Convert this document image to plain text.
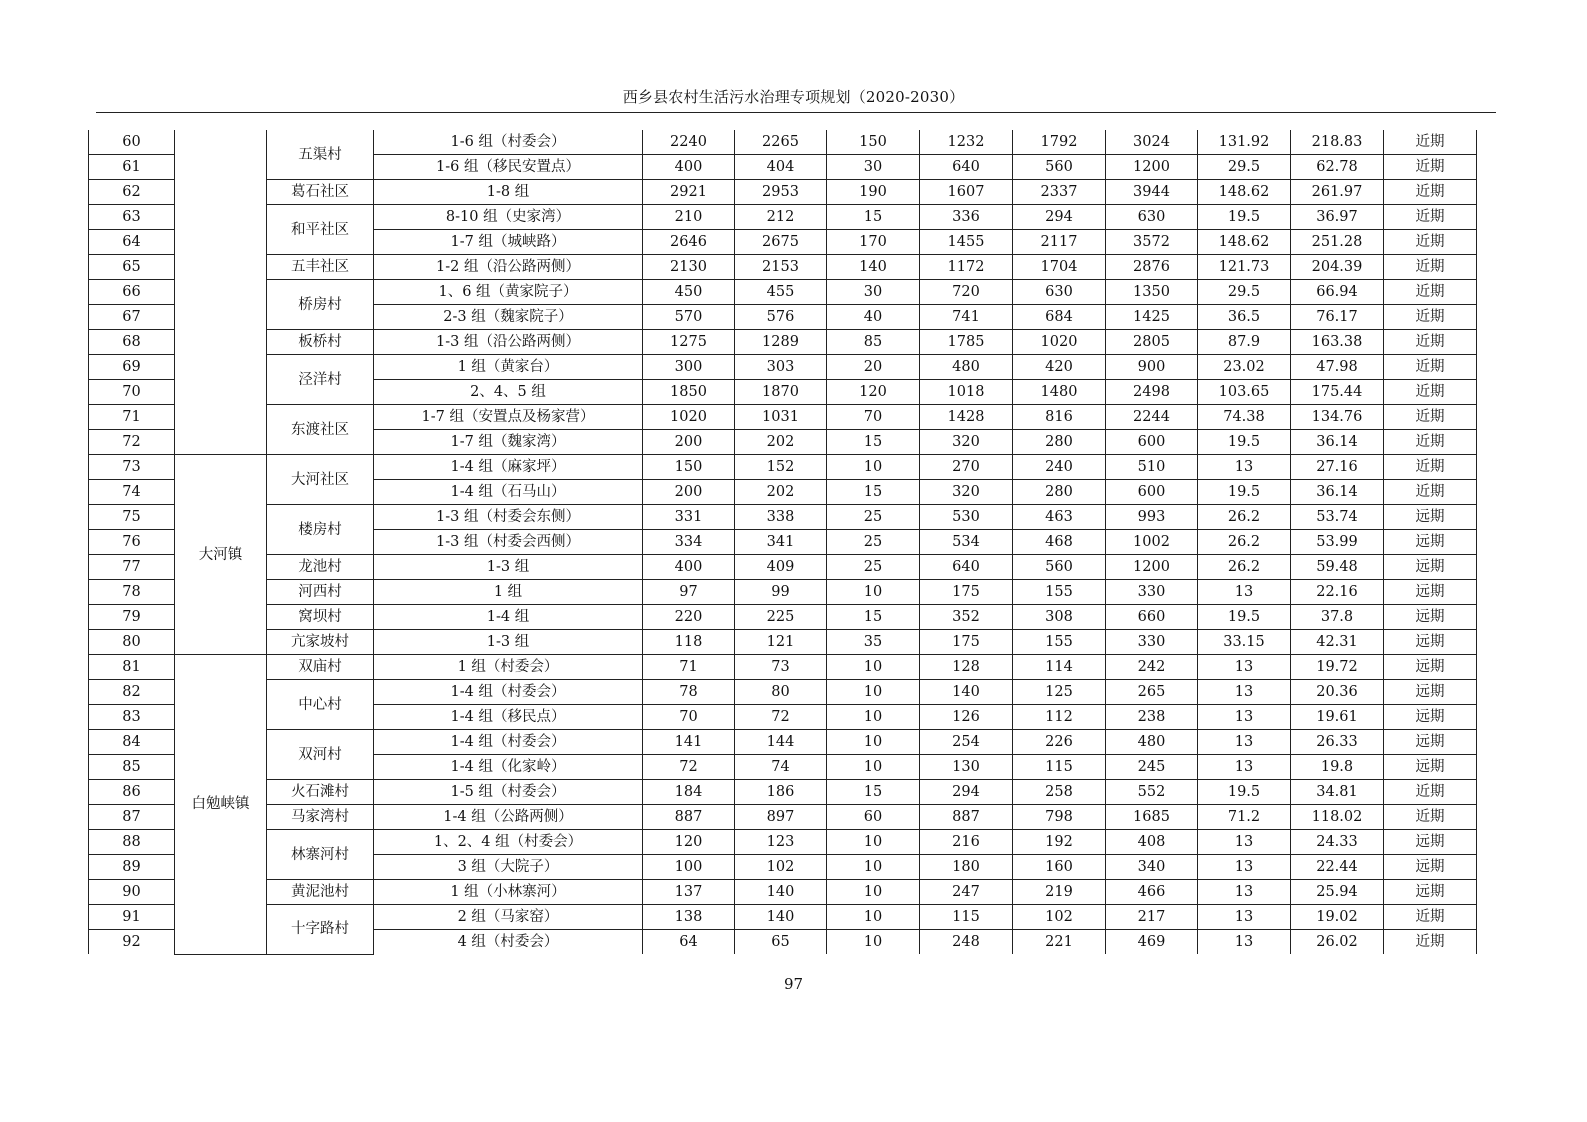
西乡县农村生活污水治理专项规划（2020-2030）
60		五渠村	1-6 组（村委会）	2240	2265	150	1232	1792	3024	131.92	218.83	近期
61			1-6 组（移民安置点）	400	404	30	640	560	1200	29.5	62.78	近期
62		葛石社区	1-8 组	2921	2953	190	1607	2337	3944	148.62	261.97	近期
63		和平社区	8-10 组（史家湾）	210	212	15	336	294	630	19.5	36.97	近期
64			1-7 组（城峡路）	2646	2675	170	1455	2117	3572	148.62	251.28	近期
65		五丰社区	1-2 组（沿公路两侧）	2130	2153	140	1172	1704	2876	121.73	204.39	近期
66		桥房村	1、6 组（黄家院子）	450	455	30	720	630	1350	29.5	66.94	近期
67			2-3 组（魏家院子）	570	576	40	741	684	1425	36.5	76.17	近期
68		板桥村	1-3 组（沿公路两侧）	1275	1289	85	1785	1020	2805	87.9	163.38	近期
69		泾洋村	1 组（黄家台）	300	303	20	480	420	900	23.02	47.98	近期
70			2、4、5 组	1850	1870	120	1018	1480	2498	103.65	175.44	近期
71		东渡社区	1-7 组（安置点及杨家营）	1020	1031	70	1428	816	2244	74.38	134.76	近期
72			1-7 组（魏家湾）	200	202	15	320	280	600	19.5	36.14	近期
73	大河镇	大河社区	1-4 组（麻家坪）	150	152	10	270	240	510	13	27.16	近期
74			1-4 组（石马山）	200	202	15	320	280	600	19.5	36.14	近期
75		楼房村	1-3 组（村委会东侧）	331	338	25	530	463	993	26.2	53.74	远期
76			1-3 组（村委会西侧）	334	341	25	534	468	1002	26.2	53.99	远期
77		龙池村	1-3 组	400	409	25	640	560	1200	26.2	59.48	远期
78		河西村	1 组	97	99	10	175	155	330	13	22.16	远期
79		窝坝村	1-4 组	220	225	15	352	308	660	19.5	37.8	远期
80		亢家坡村	1-3 组	118	121	35	175	155	330	33.15	42.31	远期
81	白勉峡镇	双庙村	1 组（村委会）	71	73	10	128	114	242	13	19.72	远期
82		中心村	1-4 组（村委会）	78	80	10	140	125	265	13	20.36	远期
83			1-4 组（移民点）	70	72	10	126	112	238	13	19.61	远期
84		双河村	1-4 组（村委会）	141	144	10	254	226	480	13	26.33	远期
85			1-4 组（化家岭）	72	74	10	130	115	245	13	19.8	远期
86		火石滩村	1-5 组（村委会）	184	186	15	294	258	552	19.5	34.81	近期
87		马家湾村	1-4 组（公路两侧）	887	897	60	887	798	1685	71.2	118.02	近期
88		林寨河村	1、2、4 组（村委会）	120	123	10	216	192	408	13	24.33	远期
89			3 组（大院子）	100	102	10	180	160	340	13	22.44	远期
90		黄泥池村	1 组（小林寨河）	137	140	10	247	219	466	13	25.94	远期
91		十字路村	2 组（马家窑）	138	140	10	115	102	217	13	19.02	近期
92			4 组（村委会）	64	65	10	248	221	469	13	26.02	近期
97
